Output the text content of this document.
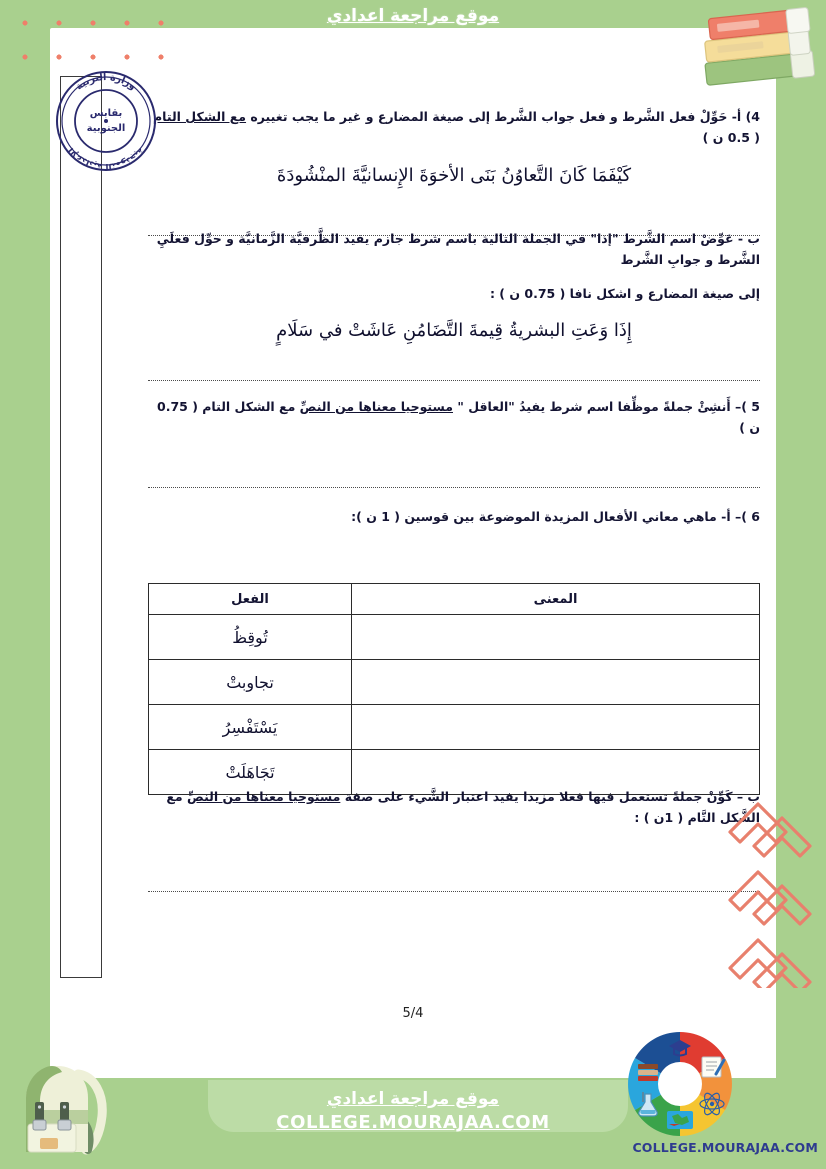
موقع مراجعة اعدادي
COLLEGE.MOURAJAA.COM
وزارة التربية
الإعدادية النموذجية
بقابس
الجنوبية
4) أ- حَوِّلْ فعل الشَّرط و فعل جواب الشَّرط إلى صيغة المضارع و غير ما يجب تغييره مع الشكل التام ( 0.5 ن )
كَيْفَمَا كَانَ التَّعاوُنُ بَنَى الأخوَةَ الإِنسانيَّةَ المنْشُودَةَ
ب - عَوِّضْ اسم الشَّرط "إذا" في الجملة التالية باسم شرط جازم يفيد الظَّرفيَّة الزَّمانيَّة و حوِّل فعلَيِ الشَّرط و جوابِ الشَّرط
إلى صيغة المضارع و اشكل نافا ( 0.75 ن ) :
إِذَا وَعَتِ البشريةُ قِيمةَ التَّضَامُنِ عَاشَتْ في سَلَامٍ
5 )– أَنشِئْ جملةً موظِّفا اسم شرط يفيدُ "العاقل " مستوحيا معناها من النصِّ مع الشكل التام ( 0.75 ن )
6 )– أ- ماهي معاني الأفعال المزيدة الموضوعة بين قوسين ( 1 ن ):
المعنى	الفعل
	تُوقِظُ
	تجاوبتْ
	يَسْتَفْسِرُ
	تَجَاهَلَتْ
ب – كَوِّنْ جملةً تستعمل فيها فعلا مزيدا يفيد اعتبار الشَّيء على صفة مستوحيا معناها من النصِّ مع الشَّكل التَّام ( 1ن ) :
5/4
موقع مراجعة اعدادي
COLLEGE.MOURAJAA.COM
COLLEGE.MOURAJAA.COM
